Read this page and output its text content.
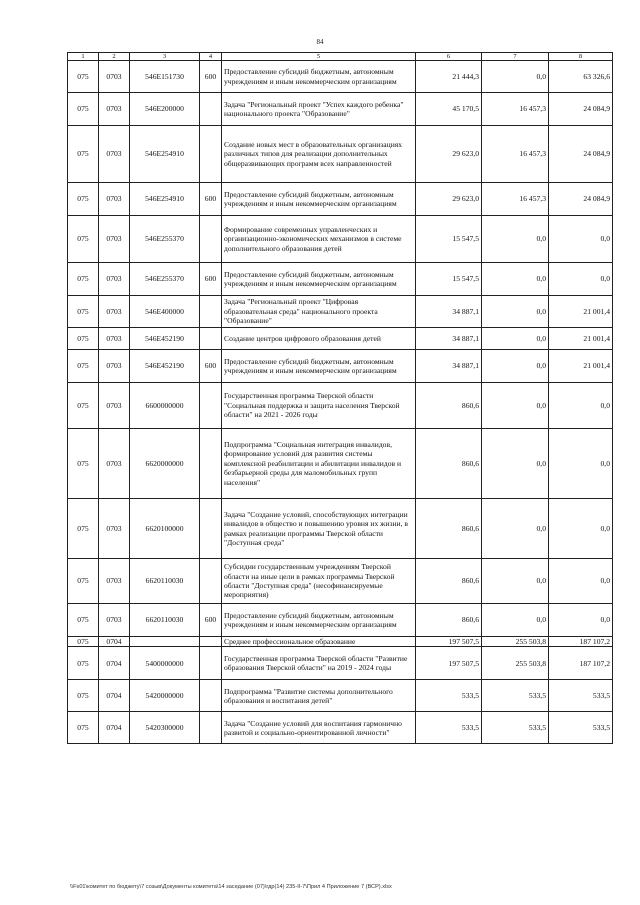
84
1	2	3	4	5	6	7	8
075	0703	546E151730	600	Предоставление субсидий бюджетным, автономным учреждениям и иным некоммерческим организациям	21 444,3	0,0	63 326,6
075	0703	546E200000		Задача "Региональный проект "Успех каждого ребенка" национального проекта "Образование"	45 170,5	16 457,3	24 084,9
075	0703	546E254910		Создание новых мест в образовательных организациях различных типов для реализации дополнительных общеразвивающих программ всех направленностей	29 623,0	16 457,3	24 084,9
075	0703	546E254910	600	Предоставление субсидий бюджетным, автономным учреждениям и иным некоммерческим организациям	29 623,0	16 457,3	24 084,9
075	0703	546E255370		Формирование современных управленческих и организационно-экономических механизмов в системе дополнительного образования детей	15 547,5	0,0	0,0
075	0703	546E255370	600	Предоставление субсидий бюджетным, автономным учреждениям и иным некоммерческим организациям	15 547,5	0,0	0,0
075	0703	546E400000		Задача "Региональный проект "Цифровая образовательная среда" национального проекта "Образование"	34 887,1	0,0	21 001,4
075	0703	546E452190		Создание центров цифрового образования детей	34 887,1	0,0	21 001,4
075	0703	546E452190	600	Предоставление субсидий бюджетным, автономным учреждениям и иным некоммерческим организациям	34 887,1	0,0	21 001,4
075	0703	6600000000		Государственная программа Тверской области "Социальная поддержка и защита населения Тверской области" на 2021 - 2026 годы	860,6	0,0	0,0
075	0703	6620000000		Подпрограмма "Социальная интеграция инвалидов, формирование условий для развития системы комплексной реабилитации и абилитации инвалидов и безбарьерной среды для маломобильных групп населения"	860,6	0,0	0,0
075	0703	6620100000		Задача "Создание условий, способствующих интеграции инвалидов в общество и повышению уровня их жизни, в рамках реализации программы Тверской области "Доступная среда"	860,6	0,0	0,0
075	0703	6620110030		Субсидии государственным учреждениям Тверской области на иные цели в рамках программы Тверской области "Доступная среда" (несофинансируемые мероприятия)	860,6	0,0	0,0
075	0703	6620110030	600	Предоставление субсидий бюджетным, автономным учреждениям и иным некоммерческим организациям	860,6	0,0	0,0
075	0704			Среднее профессиональное образование	197 507,5	255 503,8	187 107,2
075	0704	5400000000		Государственная программа Тверской области "Развитие образования Тверской области" на 2019 - 2024 годы	197 507,5	255 503,8	187 107,2
075	0704	5420000000		Подпрограмма "Развитие системы дополнительного образования и воспитания детей"	533,5	533,5	533,5
075	0704	5420300000		Задача "Создание условий для воспитания гармонично развитой и социально-ориентированной личности"	533,5	533,5	533,5
\\Fs01\комитет по бюджету\7 созыв\Документы комитета\14 заседание (07)\гдр(14) 235-II-7\Прил 4 Приложение 7 (ВСР).xlsx
